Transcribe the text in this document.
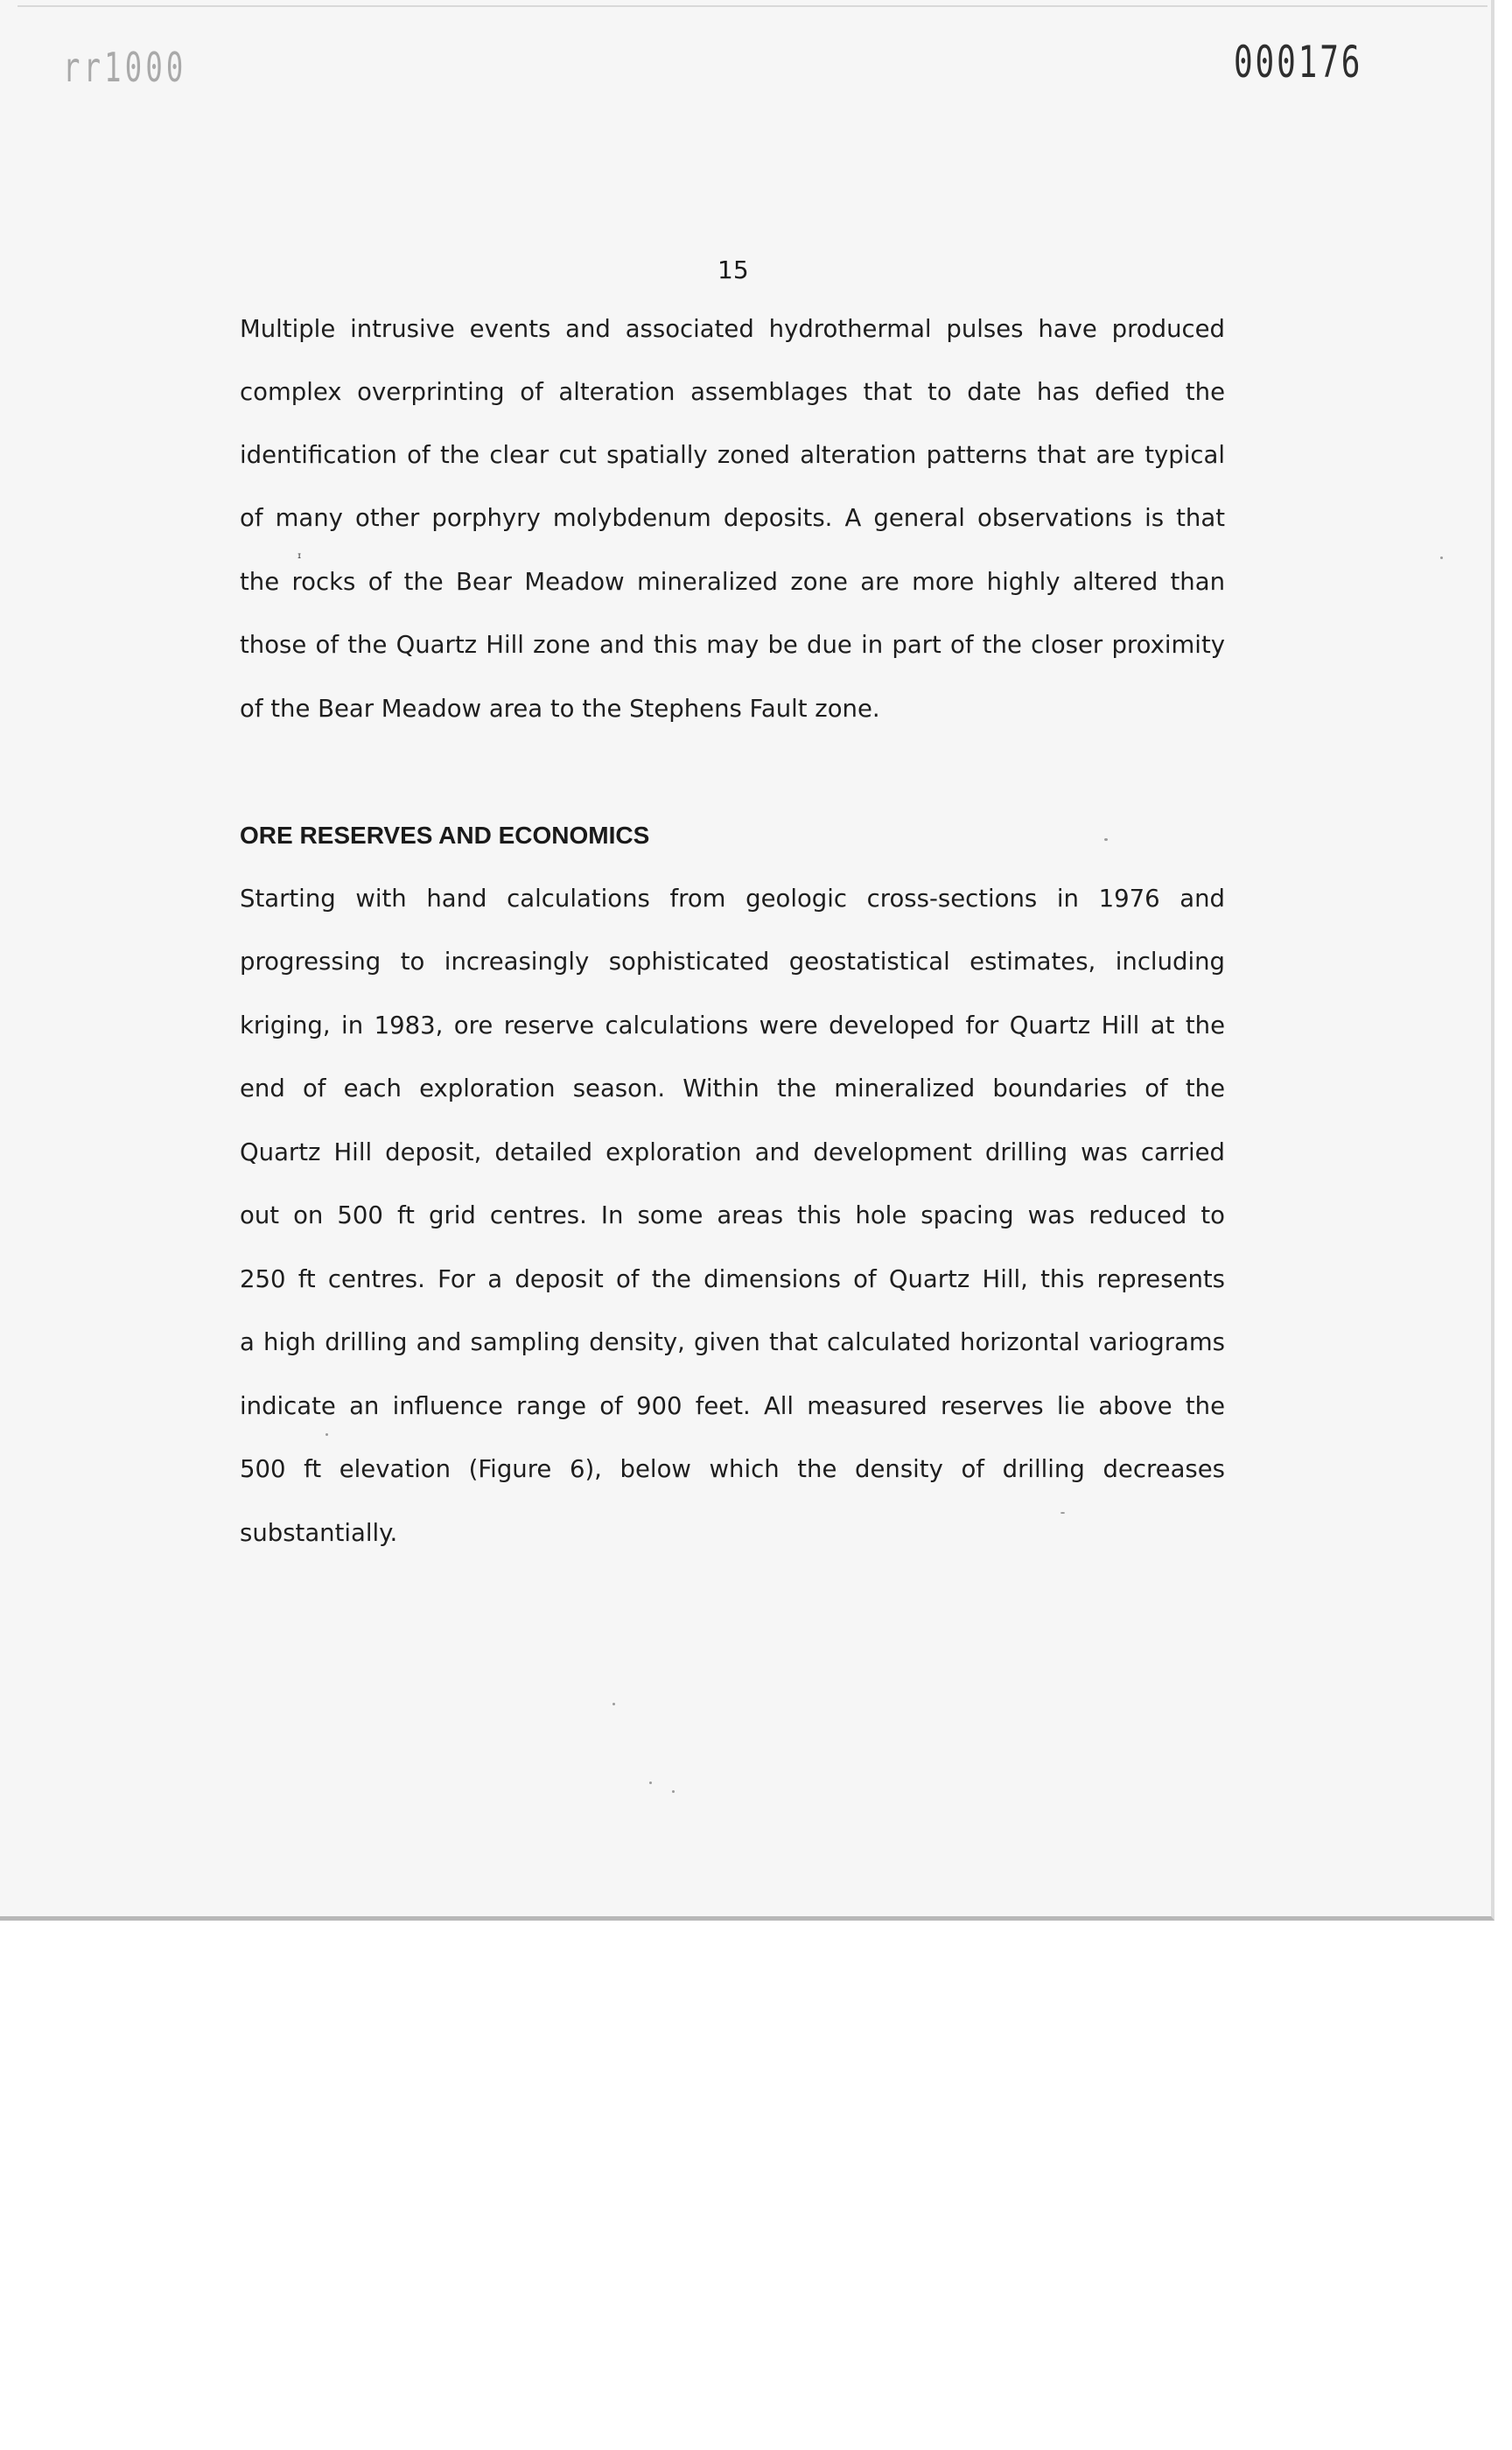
rr1000	000176
15
Multiple intrusive events and associated hydrothermal pulses have produced
complex overprinting of alteration assemblages that to date has defied the
identification of the clear cut spatially zoned alteration patterns that are typical
of many other porphyry molybdenum deposits. A general observations is that
the rocks of the Bear Meadow mineralized zone are more highly altered than
those of the Quartz Hill zone and this may be due in part of the closer proximity
of the Bear Meadow area to the Stephens Fault zone.
ᶦ
ORE RESERVES AND ECONOMICS
Starting with hand calculations from geologic cross-sections in 1976 and
progressing to increasingly sophisticated geostatistical estimates, including
kriging, in 1983, ore reserve calculations were developed for Quartz Hill at the
end of each exploration season. Within the mineralized boundaries of the
Quartz Hill deposit, detailed exploration and development drilling was carried
out on 500 ft grid centres. In some areas this hole spacing was reduced to
250 ft centres. For a deposit of the dimensions of Quartz Hill, this represents
a high drilling and sampling density, given that calculated horizontal variograms
indicate an influence range of 900 feet. All measured reserves lie above the
500 ft elevation (Figure 6), below which the density of drilling decreases
substantially.
